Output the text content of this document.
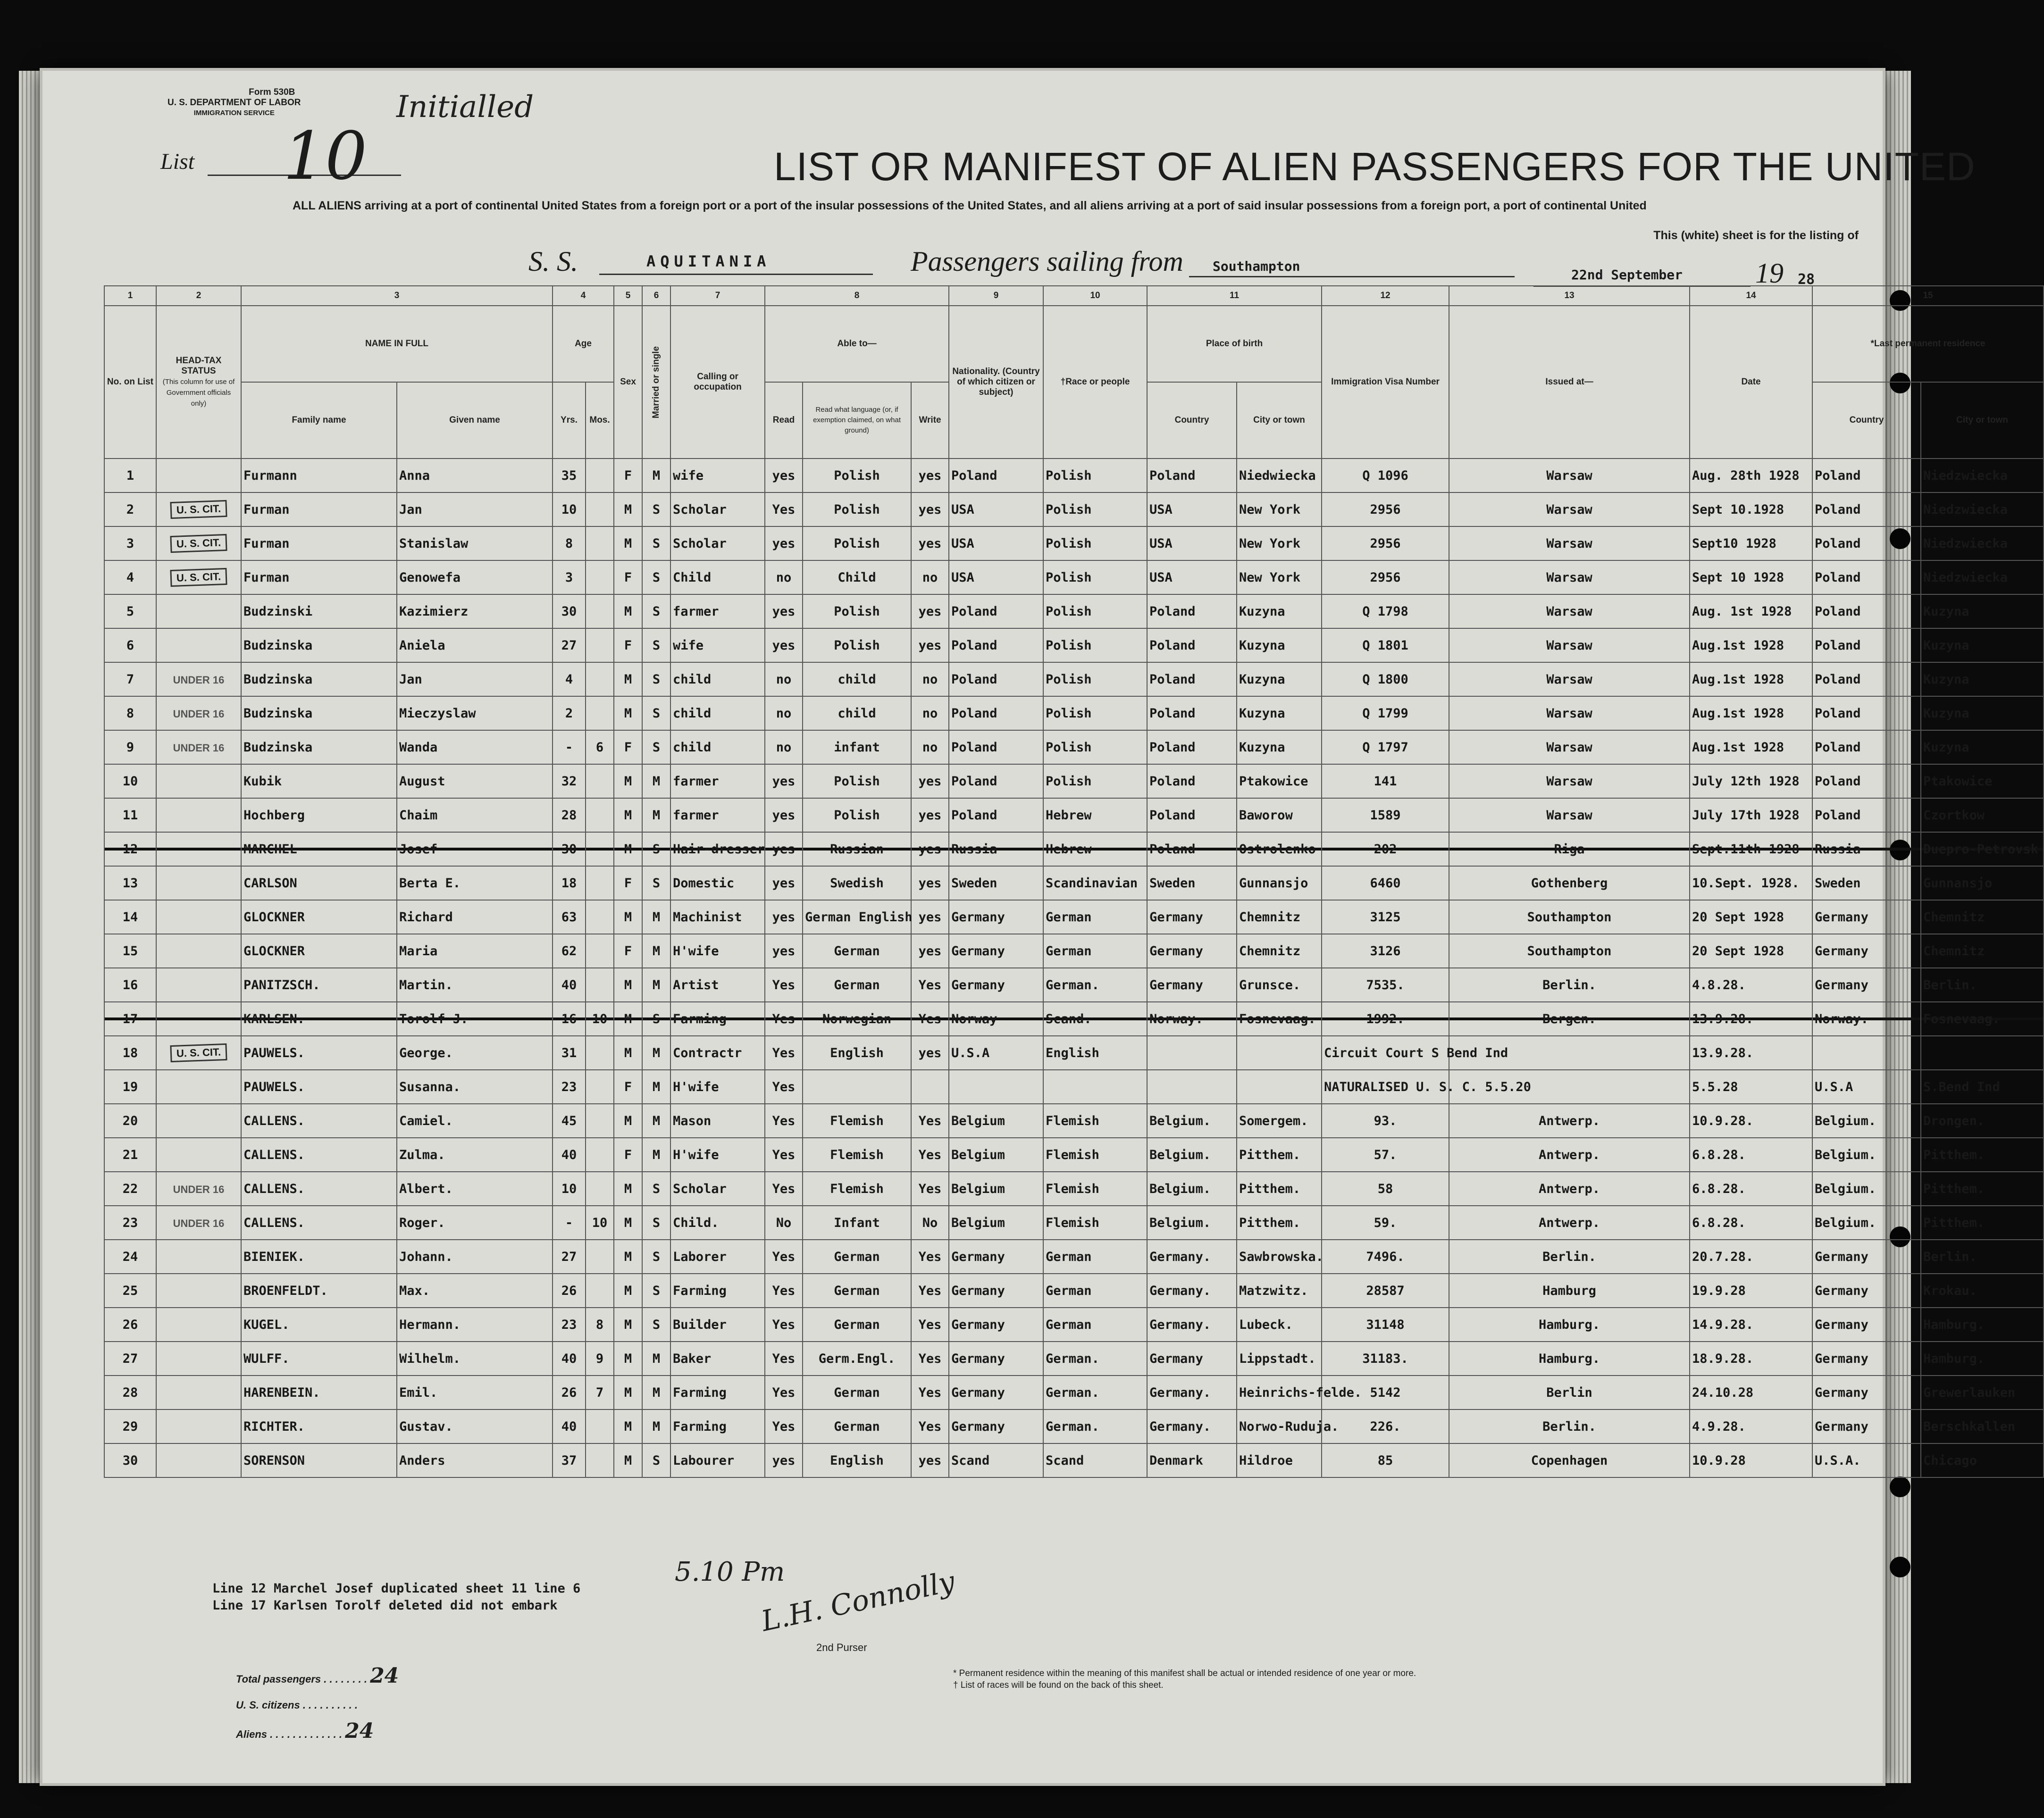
Form 530B
U. S. DEPARTMENT OF LABOR
IMMIGRATION SERVICE	Initialled
List 10	LIST OR MANIFEST OF ALIEN PASSENGERS FOR THE UNITED
ALL ALIENS arriving at a port of continental United States from a foreign port or a port of the insular possessions of the United States, and all aliens arriving at a port of said insular possessions from a foreign port, a port of continental United
This (white) sheet is for the listing of
S. S.	AQUITANIA	Passengers sailing from Southampton
22nd September	19 28
1	2	3		4		5	6	7	8			9	10	11		12	13	14	15	
No. on List	HEAD-TAX STATUS
(This column for use of Government officials only)	NAME IN FULL		Age		Sex	Married or single	Calling or occupation	Able to—			Nationality. (Country of which citizen or subject)	†Race or people	Place of birth		Immigration Visa Number	Issued at—	Date	*Last permanent residence	
		Family name	Given name	Yrs.	Mos.				Read	Read what language (or, if exemption claimed, on what ground)	Write			Country	City or town				Country	City or town
1		Furmann	Anna	35		F	M	wife	yes	Polish	yes	Poland	Polish	Poland	Niedwiecka	Q 1096	Warsaw	Aug. 28th 1928	Poland	Niedzwiecka
2	U. S. CIT.	Furman	Jan	10		M	S	Scholar	Yes	Polish	yes	USA	Polish	USA	New York	2956	Warsaw	Sept 10.1928	Poland	Niedzwiecka
3	U. S. CIT.	Furman	Stanislaw	8		M	S	Scholar	yes	Polish	yes	USA	Polish	USA	New York	2956	Warsaw	Sept10 1928	Poland	Niedzwiecka
4	U. S. CIT.	Furman	Genowefa	3		F	S	Child	no	Child	no	USA	Polish	USA	New York	2956	Warsaw	Sept 10 1928	Poland	Niedzwiecka
5		Budzinski	Kazimierz	30		M	S	farmer	yes	Polish	yes	Poland	Polish	Poland	Kuzyna	Q 1798	Warsaw	Aug. 1st 1928	Poland	Kuzyna
6		Budzinska	Aniela	27		F	S	wife	yes	Polish	yes	Poland	Polish	Poland	Kuzyna	Q 1801	Warsaw	Aug.1st 1928	Poland	Kuzyna
7	UNDER 16	Budzinska	Jan	4		M	S	child	no	child	no	Poland	Polish	Poland	Kuzyna	Q 1800	Warsaw	Aug.1st 1928	Poland	Kuzyna
8	UNDER 16	Budzinska	Mieczyslaw	2		M	S	child	no	child	no	Poland	Polish	Poland	Kuzyna	Q 1799	Warsaw	Aug.1st 1928	Poland	Kuzyna
9	UNDER 16	Budzinska	Wanda	-	6	F	S	child	no	infant	no	Poland	Polish	Poland	Kuzyna	Q 1797	Warsaw	Aug.1st 1928	Poland	Kuzyna
10		Kubik	August	32		M	M	farmer	yes	Polish	yes	Poland	Polish	Poland	Ptakowice	141	Warsaw	July 12th 1928	Poland	Ptakowice
11		Hochberg	Chaim	28		M	M	farmer	yes	Polish	yes	Poland	Hebrew	Poland	Baworow	1589	Warsaw	July 17th 1928	Poland	Czortkow
12		MARCHEL	Josef	30		M	S	Hair-dresser	yes	Russian	yes	Russia	Hebrew	Poland	Ostrolenko	202	Riga	Sept.11th 1928	Russia	Duepro-Petrovsk
13		CARLSON	Berta E.	18		F	S	Domestic	yes	Swedish	yes	Sweden	Scandinavian	Sweden	Gunnansjo	6460	Gothenberg	10.Sept. 1928.	Sweden	Gunnansjo
14		GLOCKNER	Richard	63		M	M	Machinist	yes	German English	yes	Germany	German	Germany	Chemnitz	3125	Southampton	20 Sept 1928	Germany	Chemnitz
15		GLOCKNER	Maria	62		F	M	H'wife	yes	German	yes	Germany	German	Germany	Chemnitz	3126	Southampton	20 Sept 1928	Germany	Chemnitz
16		PANITZSCH.	Martin.	40		M	M	Artist	Yes	German	Yes	Germany	German.	Germany	Grunsce.	7535.	Berlin.	4.8.28.	Germany	Berlin.
17		KARLSEN.	Torolf J.	16	10	M	S	Farming	Yes	Norwegian	Yes	Norway	Scand.	Norway.	Fosnevaag.	1992.	Bergen.	13.9.28.	Norway.	Fosnevaag.
18	U. S. CIT.	PAUWELS.	George.	31		M	M	Contractr	Yes	English	yes	U.S.A	English			Circuit Court S Bend Ind		13.9.28.		
19		PAUWELS.	Susanna.	23		F	M	H'wife	Yes							NATURALISED U. S. C. 5.5.20		5.5.28	U.S.A	S.Bend Ind
20		CALLENS.	Camiel.	45		M	M	Mason	Yes	Flemish	Yes	Belgium	Flemish	Belgium.	Somergem.	93.	Antwerp.	10.9.28.	Belgium.	Drongen.
21		CALLENS.	Zulma.	40		F	M	H'wife	Yes	Flemish	Yes	Belgium	Flemish	Belgium.	Pitthem.	57.	Antwerp.	6.8.28.	Belgium.	Pitthem.
22	UNDER 16	CALLENS.	Albert.	10		M	S	Scholar	Yes	Flemish	Yes	Belgium	Flemish	Belgium.	Pitthem.	58	Antwerp.	6.8.28.	Belgium.	Pitthem.
23	UNDER 16	CALLENS.	Roger.	-	10	M	S	Child.	No	Infant	No	Belgium	Flemish	Belgium.	Pitthem.	59.	Antwerp.	6.8.28.	Belgium.	Pitthem.
24		BIENIEK.	Johann.	27		M	S	Laborer	Yes	German	Yes	Germany	German	Germany.	Sawbrowska.	7496.	Berlin.	20.7.28.	Germany	Berlin.
25		BROENFELDT.	Max.	26		M	S	Farming	Yes	German	Yes	Germany	German	Germany.	Matzwitz.	28587	Hamburg	19.9.28	Germany	Krokau.
26		KUGEL.	Hermann.	23	8	M	S	Builder	Yes	German	Yes	Germany	German	Germany.	Lubeck.	31148	Hamburg.	14.9.28.	Germany	Hamburg.
27		WULFF.	Wilhelm.	40	9	M	M	Baker	Yes	Germ.Engl.	Yes	Germany	German.	Germany	Lippstadt.	31183.	Hamburg.	18.9.28.	Germany	Hamburg.
28		HARENBEIN.	Emil.	26	7	M	M	Farming	Yes	German	Yes	Germany	German.	Germany.	Heinrichs-felde.	5142	Berlin	24.10.28	Germany	Grewerlauken
29		RICHTER.	Gustav.	40		M	M	Farming	Yes	German	Yes	Germany	German.	Germany.	Norwo-Ruduja.	226.	Berlin.	4.9.28.	Germany	Berschkallen
30		SORENSON	Anders	37		M	S	Labourer	yes	English	yes	Scand	Scand	Denmark	Hildroe	85	Copenhagen	10.9.28	U.S.A.	Chicago
Line 12 Marchel Josef duplicated sheet 11 line 6
Line 17 Karlsen Torolf deleted did not embark
5.10 Pm
L.H. Connolly
2nd Purser
Total passengers . . . . . . . . 24
U. S. citizens . . . . . . . . . .
Aliens . . . . . . . . . . . . . 24
* Permanent residence within the meaning of this manifest shall be actual or intended residence of one year or more.
† List of races will be found on the back of this sheet.
